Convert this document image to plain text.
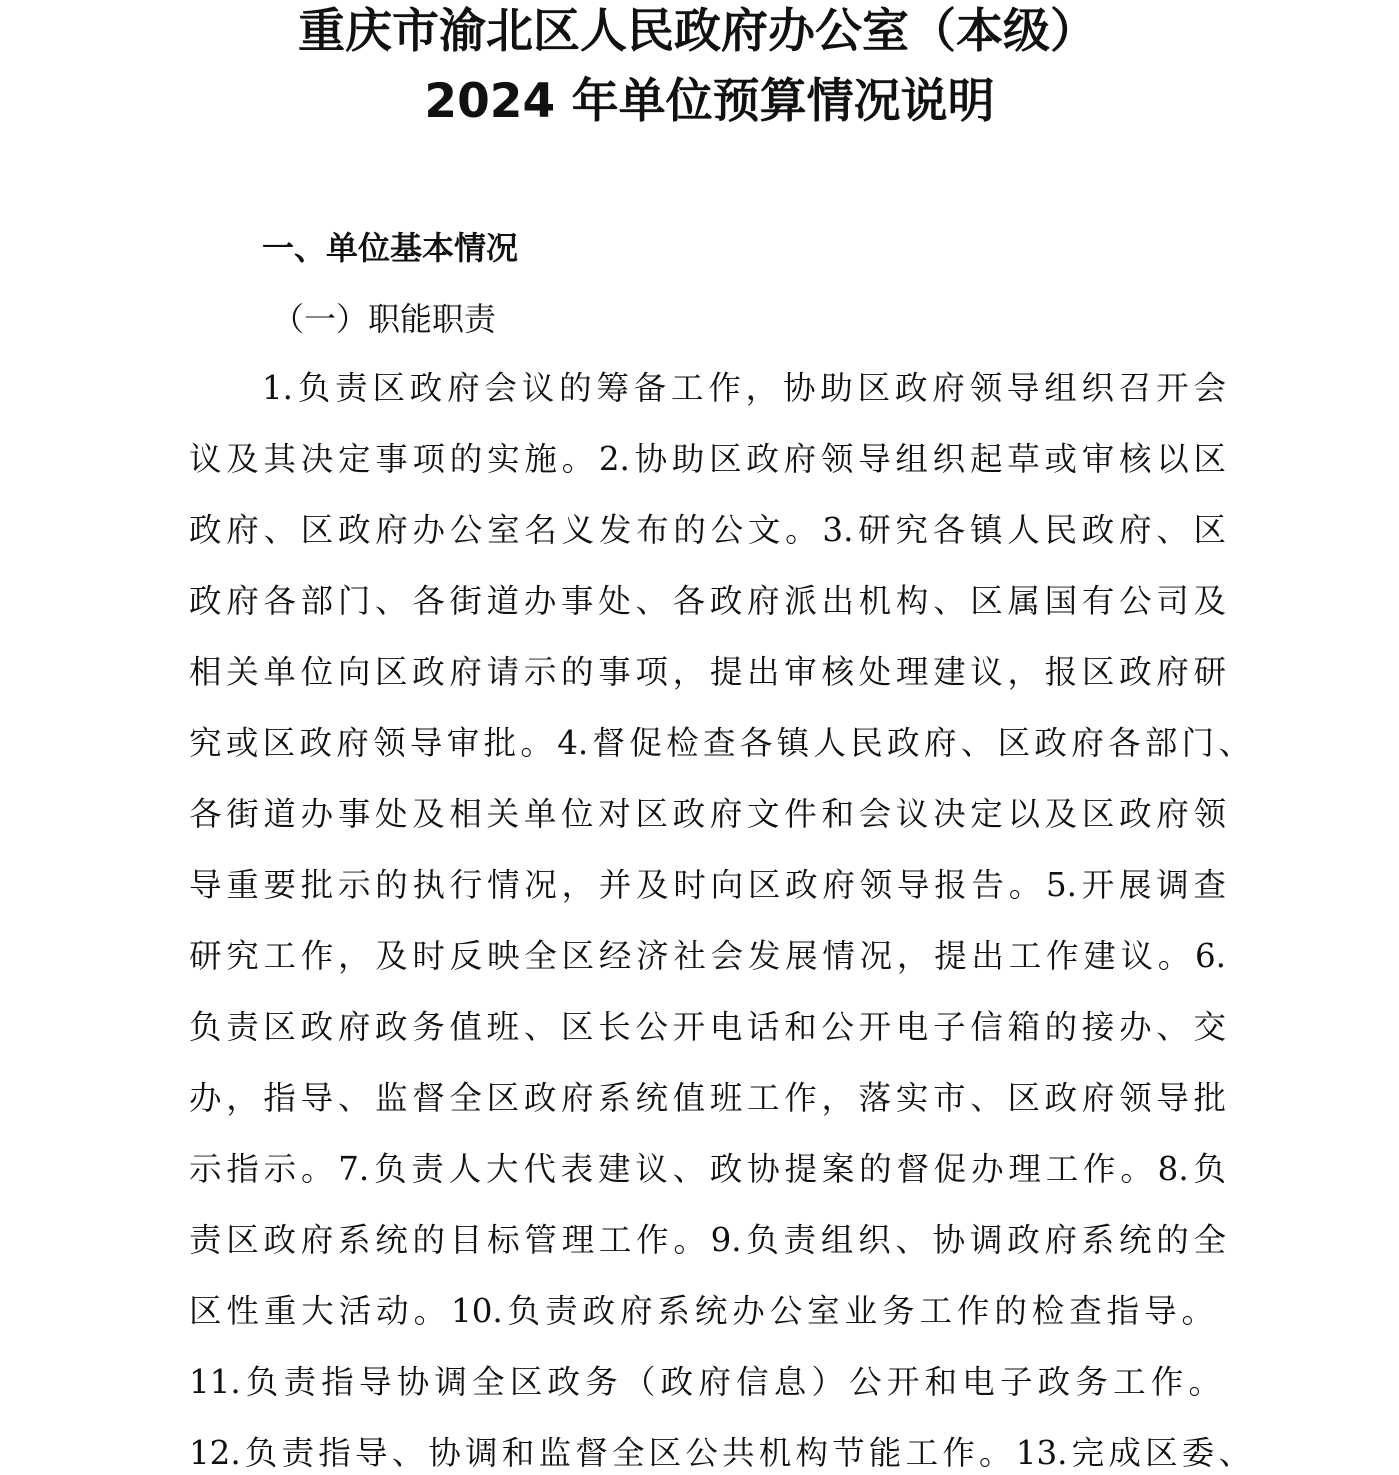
重庆市渝北区人民政府办公室（本级）
2024 年单位预算情况说明
一、单位基本情况
（一）职能职责
1.负责区政府会议的筹备工作，协助区政府领导组织召开会
议及其决定事项的实施。2.协助区政府领导组织起草或审核以区
政府、区政府办公室名义发布的公文。3.研究各镇人民政府、区
政府各部门、各街道办事处、各政府派出机构、区属国有公司及
相关单位向区政府请示的事项，提出审核处理建议，报区政府研
究或区政府领导审批。4.督促检查各镇人民政府、区政府各部门、
各街道办事处及相关单位对区政府文件和会议决定以及区政府领
导重要批示的执行情况，并及时向区政府领导报告。5.开展调查
研究工作，及时反映全区经济社会发展情况，提出工作建议。6.
负责区政府政务值班、区长公开电话和公开电子信箱的接办、交
办，指导、监督全区政府系统值班工作，落实市、区政府领导批
示指示。7.负责人大代表建议、政协提案的督促办理工作。8.负
责区政府系统的目标管理工作。9.负责组织、协调政府系统的全
区性重大活动。10.负责政府系统办公室业务工作的检查指导。
11.负责指导协调全区政务（政府信息）公开和电子政务工作。
12.负责指导、协调和监督全区公共机构节能工作。13.完成区委、
